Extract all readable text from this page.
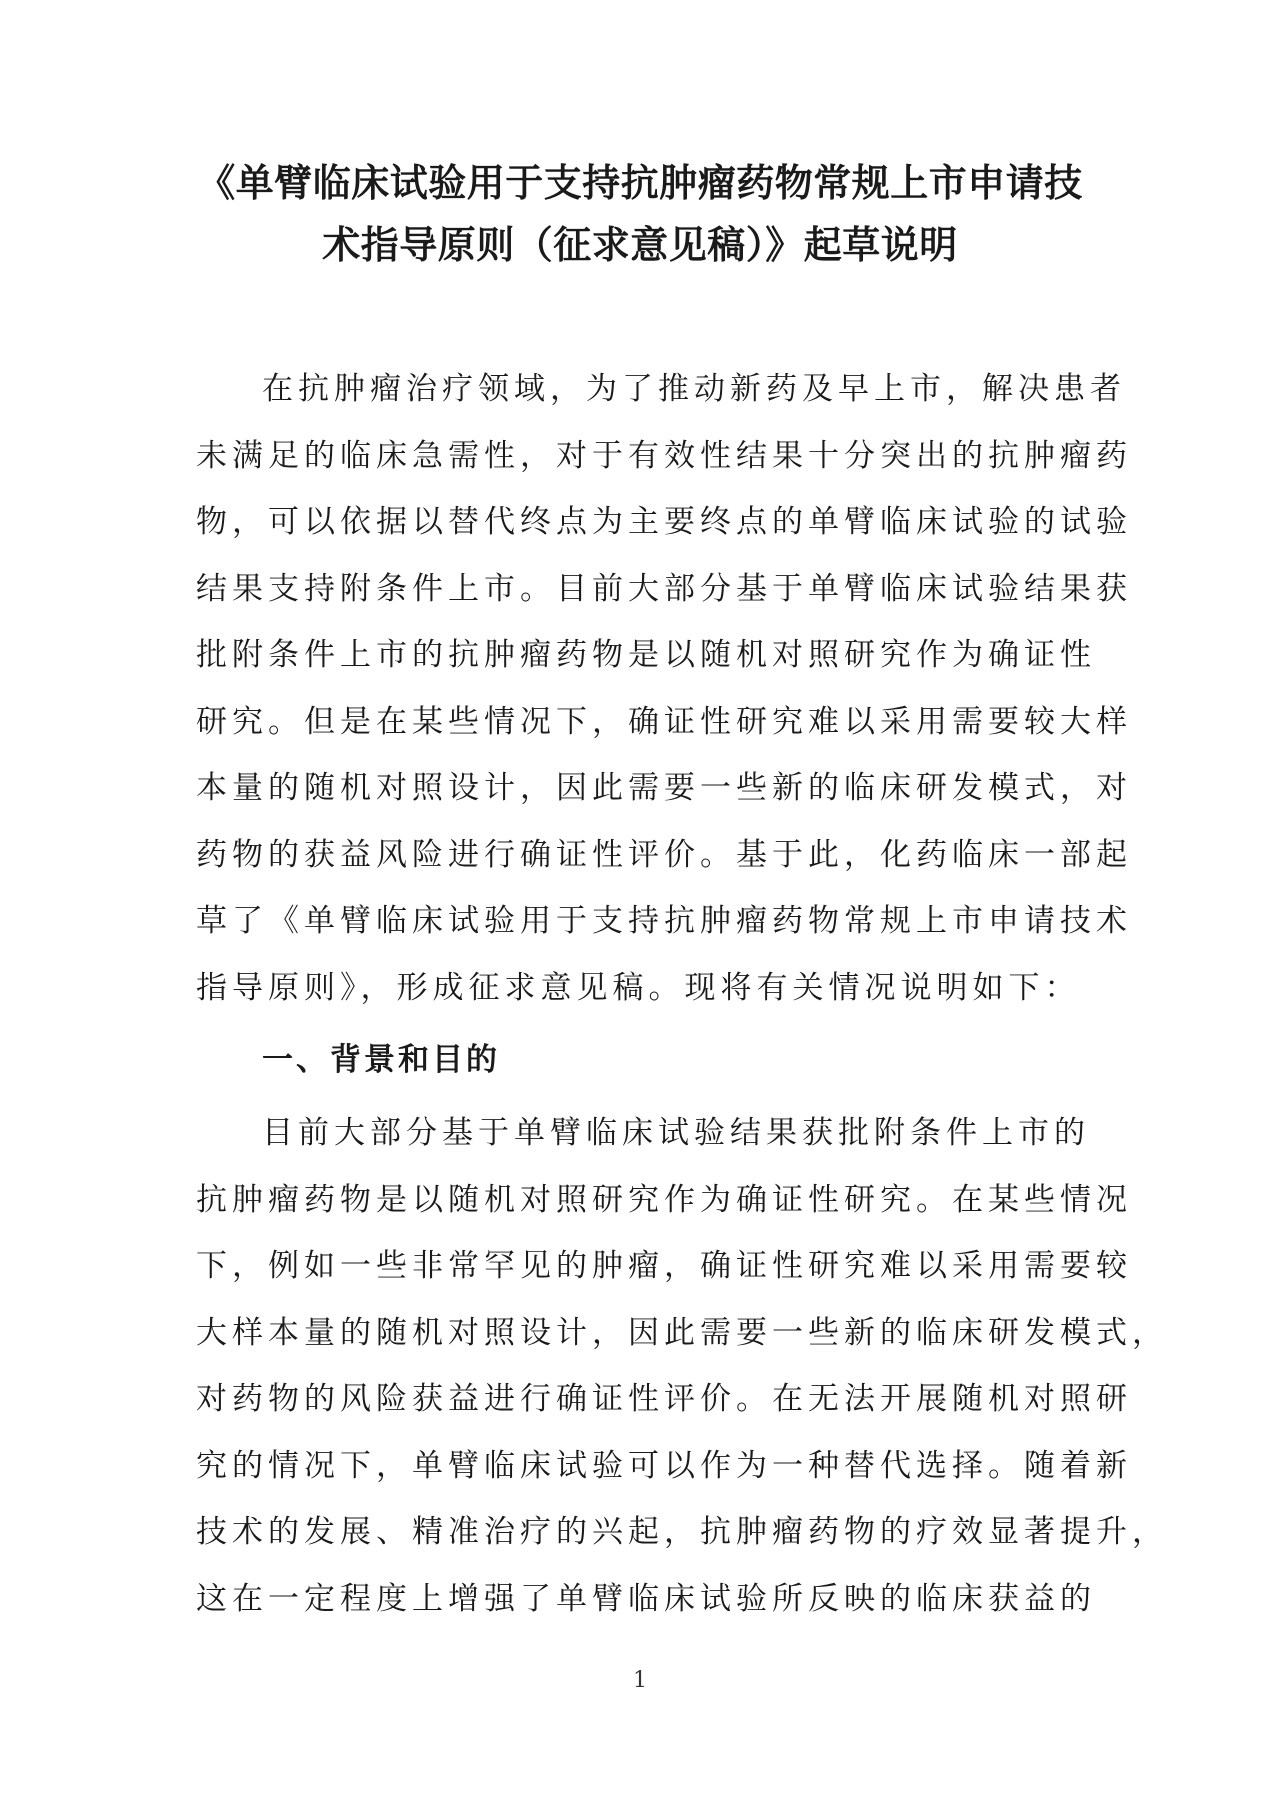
《单臂临床试验用于支持抗肿瘤药物常规上市申请技
术指导原则（征求意见稿）》起草说明
在抗肿瘤治疗领域，为了推动新药及早上市，解决患者
未满足的临床急需性，对于有效性结果十分突出的抗肿瘤药
物，可以依据以替代终点为主要终点的单臂临床试验的试验
结果支持附条件上市。目前大部分基于单臂临床试验结果获
批附条件上市的抗肿瘤药物是以随机对照研究作为确证性
研究。但是在某些情况下，确证性研究难以采用需要较大样
本量的随机对照设计，因此需要一些新的临床研发模式，对
药物的获益风险进行确证性评价。基于此，化药临床一部起
草了《单臂临床试验用于支持抗肿瘤药物常规上市申请技术
指导原则》，形成征求意见稿。现将有关情况说明如下：
一、背景和目的
目前大部分基于单臂临床试验结果获批附条件上市的
抗肿瘤药物是以随机对照研究作为确证性研究。在某些情况
下，例如一些非常罕见的肿瘤，确证性研究难以采用需要较
大样本量的随机对照设计，因此需要一些新的临床研发模式，
对药物的风险获益进行确证性评价。在无法开展随机对照研
究的情况下，单臂临床试验可以作为一种替代选择。随着新
技术的发展、精准治疗的兴起，抗肿瘤药物的疗效显著提升，
这在一定程度上增强了单臂临床试验所反映的临床获益的
1
